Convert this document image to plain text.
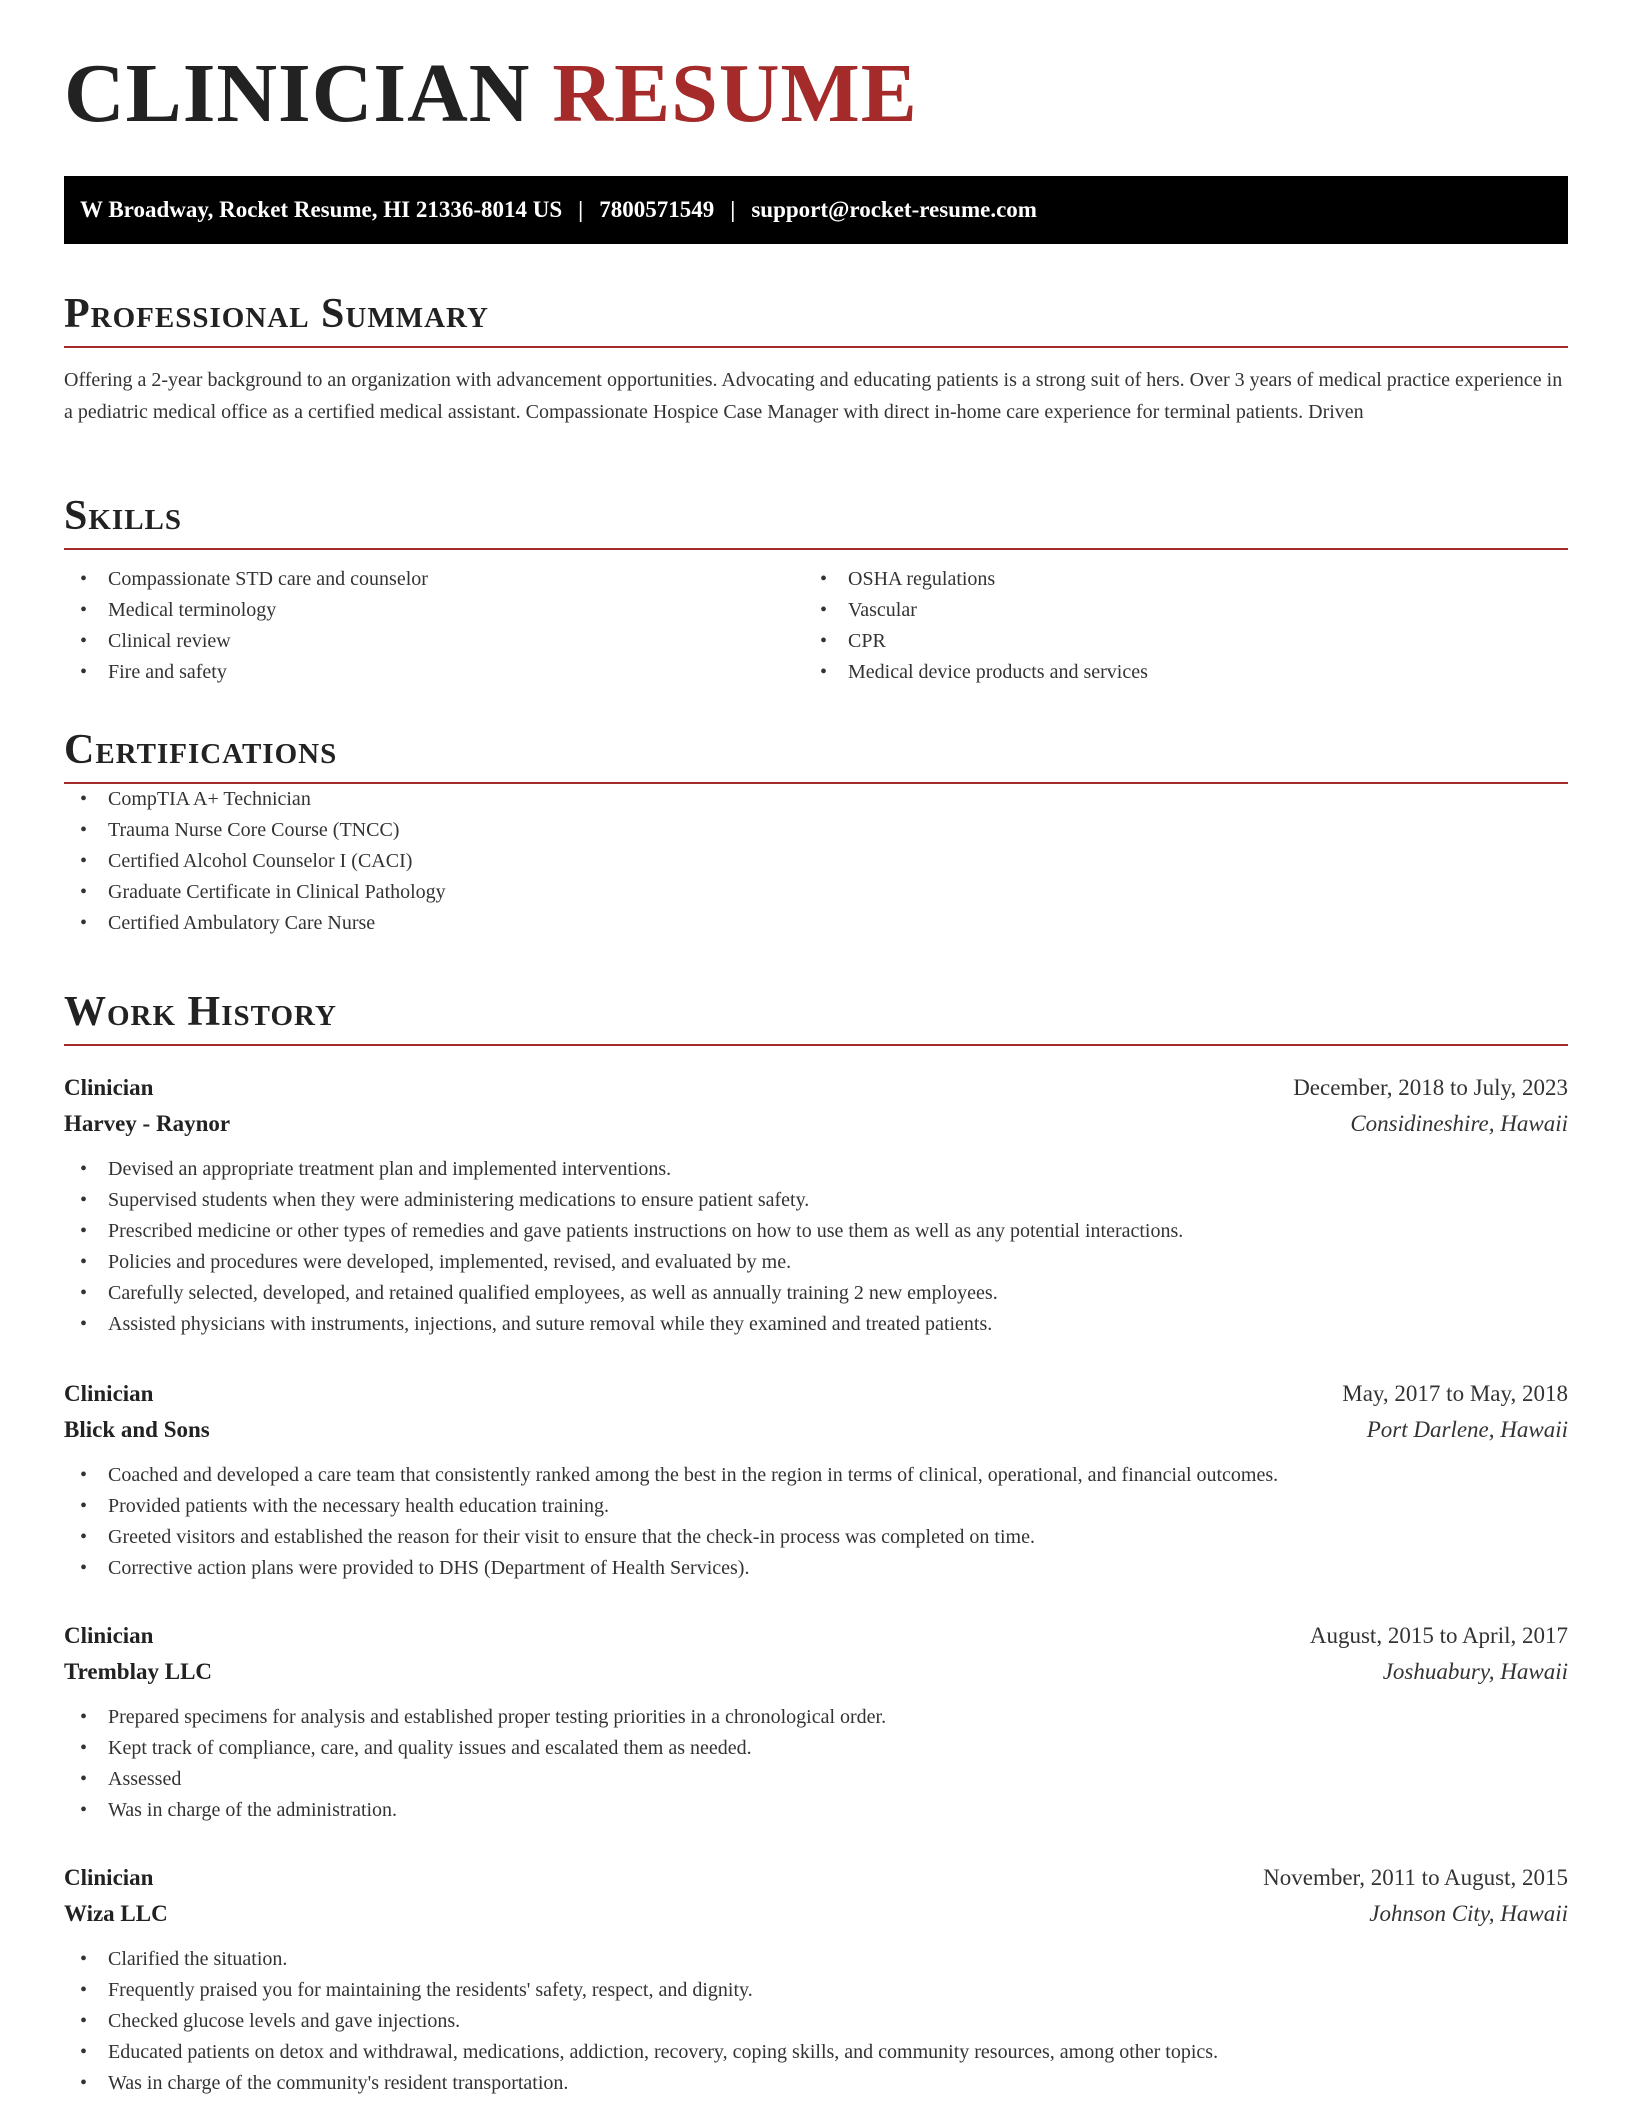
CLINICIAN RESUME
W Broadway, Rocket Resume, HI 21336-8014 US | 7800571549 | support@rocket-resume.com
Professional Summary

Offering a 2-year background to an organization with advancement opportunities. Advocating and educating patients is a strong suit of hers. Over 3 years of medical practice experience in a pediatric medical office as a certified medical assistant. Compassionate Hospice Case Manager with direct in-home care experience for terminal patients. Driven

Skills
• Compassionate STD care and counselor
• Medical terminology
• Clinical review
• Fire and safety
• OSHA regulations
• Vascular
• CPR
• Medical device products and services
Certifications
• CompTIA A+ Technician
• Trauma Nurse Core Course (TNCC)
• Certified Alcohol Counselor I (CACI)
• Graduate Certificate in Clinical Pathology
• Certified Ambulatory Care Nurse
Work History
Clinician	December, 2018 to July, 2023
Harvey - Raynor	Considineshire, Hawaii
• Devised an appropriate treatment plan and implemented interventions.
• Supervised students when they were administering medications to ensure patient safety.
• Prescribed medicine or other types of remedies and gave patients instructions on how to use them as well as any potential interactions.
• Policies and procedures were developed, implemented, revised, and evaluated by me.
• Carefully selected, developed, and retained qualified employees, as well as annually training 2 new employees.
• Assisted physicians with instruments, injections, and suture removal while they examined and treated patients.
Clinician	May, 2017 to May, 2018
Blick and Sons	Port Darlene, Hawaii
• Coached and developed a care team that consistently ranked among the best in the region in terms of clinical, operational, and financial outcomes.
• Provided patients with the necessary health education training.
• Greeted visitors and established the reason for their visit to ensure that the check-in process was completed on time.
• Corrective action plans were provided to DHS (Department of Health Services).
Clinician	August, 2015 to April, 2017
Tremblay LLC	Joshuabury, Hawaii
• Prepared specimens for analysis and established proper testing priorities in a chronological order.
• Kept track of compliance, care, and quality issues and escalated them as needed.
• Assessed
• Was in charge of the administration.
Clinician	November, 2011 to August, 2015
Wiza LLC	Johnson City, Hawaii
• Clarified the situation.
• Frequently praised you for maintaining the residents' safety, respect, and dignity.
• Checked glucose levels and gave injections.
• Educated patients on detox and withdrawal, medications, addiction, recovery, coping skills, and community resources, among other topics.
• Was in charge of the community's resident transportation.
